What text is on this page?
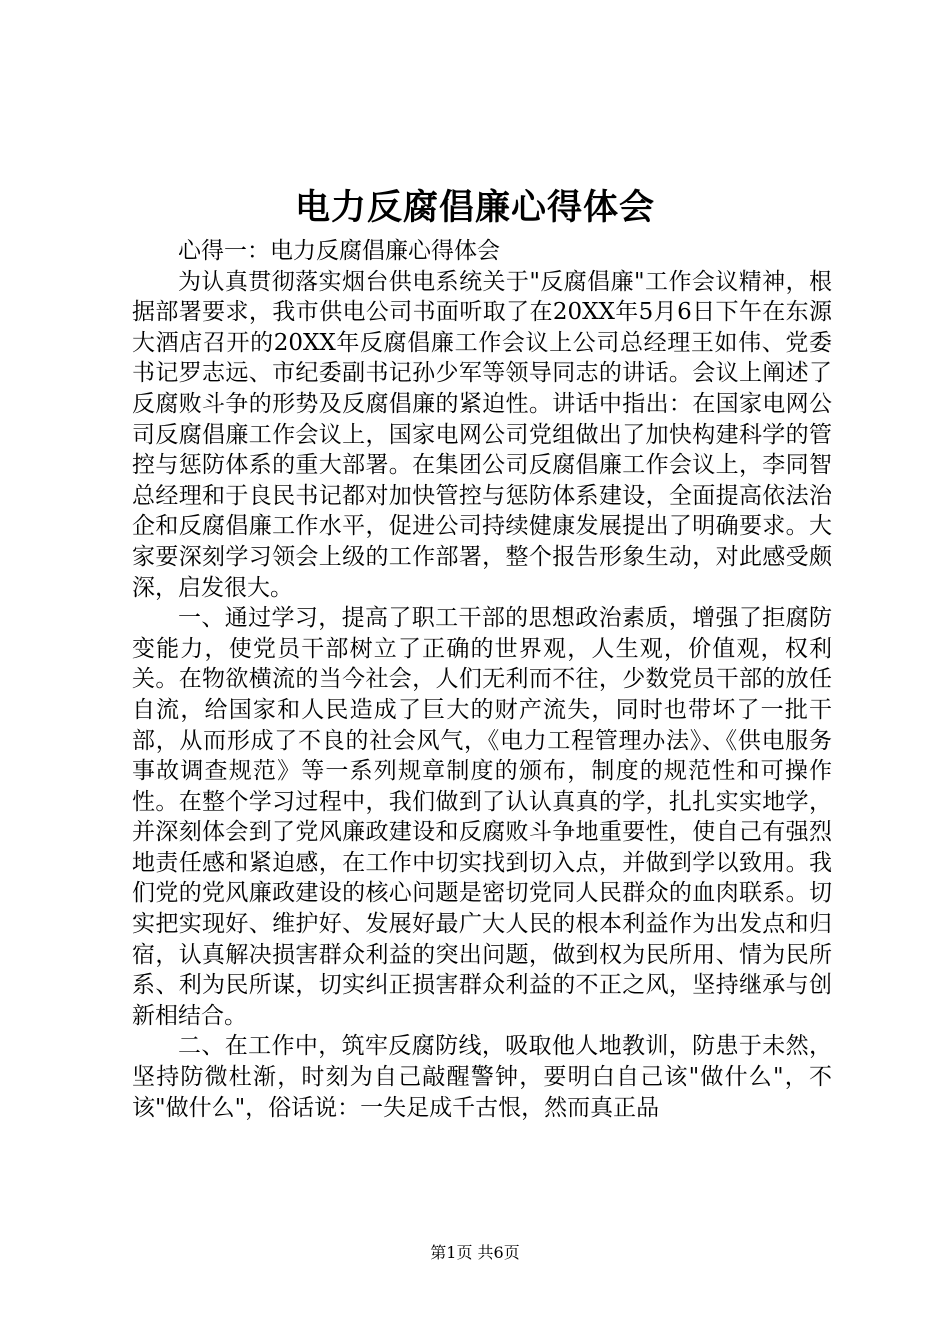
电力反腐倡廉心得体会

心得一：电力反腐倡廉心得体会

为认真贯彻落实烟台供电系统关于"反腐倡廉"工作会议精神，根据部署要求，我市供电公司书面听取了在20XX年5月6日下午在东源大酒店召开的20XX年反腐倡廉工作会议上公司总经理王如伟、党委书记罗志远、市纪委副书记孙少军等领导同志的讲话。会议上阐述了反腐败斗争的形势及反腐倡廉的紧迫性。讲话中指出：在国家电网公司反腐倡廉工作会议上，国家电网公司党组做出了加快构建科学的管控与惩防体系的重大部署。在集团公司反腐倡廉工作会议上，李同智总经理和于良民书记都对加快管控与惩防体系建设，全面提高依法治企和反腐倡廉工作水平，促进公司持续健康发展提出了明确要求。大家要深刻学习领会上级的工作部署，整个报告形象生动，对此感受颇深，启发很大。

一、通过学习，提高了职工干部的思想政治素质，增强了拒腐防变能力，使党员干部树立了正确的世界观，人生观，价值观，权利关。在物欲横流的当今社会，人们无利而不往，少数党员干部的放任自流，给国家和人民造成了巨大的财产流失，同时也带坏了一批干部，从而形成了不良的社会风气，《电力工程管理办法》、《供电服务事故调查规范》等一系列规章制度的颁布，制度的规范性和可操作性。在整个学习过程中，我们做到了认认真真的学，扎扎实实地学，并深刻体会到了党风廉政建设和反腐败斗争地重要性，使自己有强烈地责任感和紧迫感，在工作中切实找到切入点，并做到学以致用。我们党的党风廉政建设的核心问题是密切党同人民群众的血肉联系。切实把实现好、维护好、发展好最广大人民的根本利益作为出发点和归宿，认真解决损害群众利益的突出问题，做到权为民所用、情为民所系、利为民所谋，切实纠正损害群众利益的不正之风，坚持继承与创新相结合。

二、在工作中，筑牢反腐防线，吸取他人地教训，防患于未然，坚持防微杜渐，时刻为自己敲醒警钟，要明白自己该"做什么"，不该"做什么"，俗话说：一失足成千古恨，然而真正品

第1页 共6页
